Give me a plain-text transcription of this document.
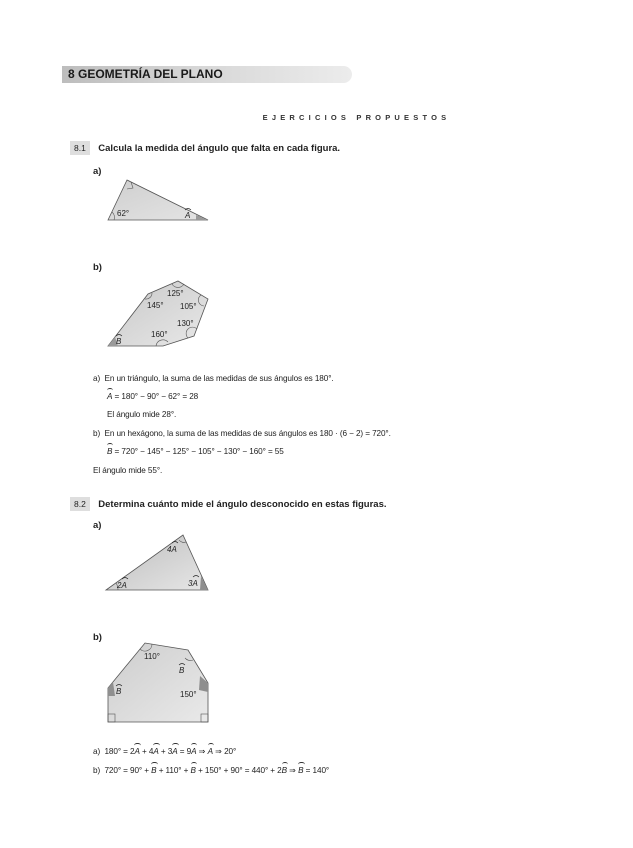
8 GEOMETRÍA DEL PLANO
EJERCICIOS PROPUESTOS
8.1 Calcula la medida del ángulo que falta en cada figura.
a)
62°	A
b)
125°
145° 105°
130°
160°
B
a) En un triángulo, la suma de las medidas de sus ángulos es 180°.
A = 180° − 90° − 62° = 28
El ángulo mide 28°.
b) En un hexágono, la suma de las medidas de sus ángulos es 180 · (6 − 2) = 720°.
B = 720° − 145° − 125° − 105° − 130° − 160° = 55
El ángulo mide 55°.
8.2 Determina cuánto mide el ángulo desconocido en estas figuras.
a)
4A
2A	3A
b)
110°
B
B
150°
a) 180° = 2A + 4A + 3A = 9A ⇒ A ⇒ 20°
b) 720° = 90° + B + 110° + B + 150° + 90° = 440° + 2B ⇒ B = 140°
